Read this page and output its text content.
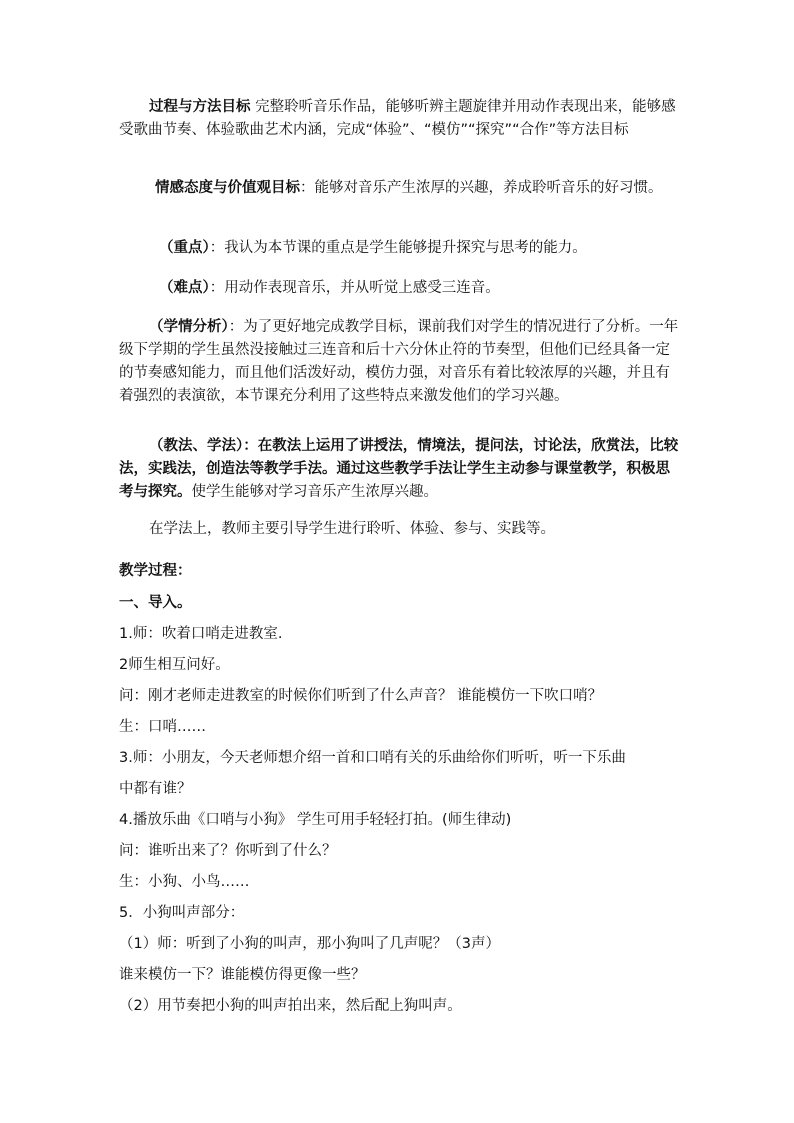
过程与方法目标 完整聆听音乐作品，能够听辨主题旋律并用动作表现出来，能够感受歌曲节奏、体验歌曲艺术内涵，完成“体验”、“模仿”“探究”“合作”等方法目标
情感态度与价值观目标：能够对音乐产生浓厚的兴趣，养成聆听音乐的好习惯。
（重点）：我认为本节课的重点是学生能够提升探究与思考的能力。
（难点）：用动作表现音乐，并从听觉上感受三连音。
（学情分析）：为了更好地完成教学目标，课前我们对学生的情况进行了分析。一年级下学期的学生虽然没接触过三连音和后十六分休止符的节奏型，但他们已经具备一定的节奏感知能力，而且他们活泼好动，模仿力强，对音乐有着比较浓厚的兴趣，并且有着强烈的表演欲，本节课充分利用了这些特点来激发他们的学习兴趣。
（教法、学法）：在教法上运用了讲授法，情境法，提问法，讨论法，欣赏法，比较法，实践法，创造法等教学手法。通过这些教学手法让学生主动参与课堂教学，积极思考与探究。使学生能够对学习音乐产生浓厚兴趣。
在学法上，教师主要引导学生进行聆听、体验、参与、实践等。
教学过程：
一、导入。
1.师：吹着口哨走进教室.
2师生相互问好。
问：刚才老师走进教室的时候你们听到了什么声音？ 谁能模仿一下吹口哨？
生：口哨……
3.师：小朋友，今天老师想介绍一首和口哨有关的乐曲给你们听听，听一下乐曲
中都有谁？
4.播放乐曲《口哨与小狗》 学生可用手轻轻打拍。(师生律动)
问：谁听出来了？你听到了什么？
生：小狗、小鸟……
5．小狗叫声部分：
（1）师：听到了小狗的叫声，那小狗叫了几声呢？（3声）
谁来模仿一下？谁能模仿得更像一些？
（2）用节奏把小狗的叫声拍出来，然后配上狗叫声。
